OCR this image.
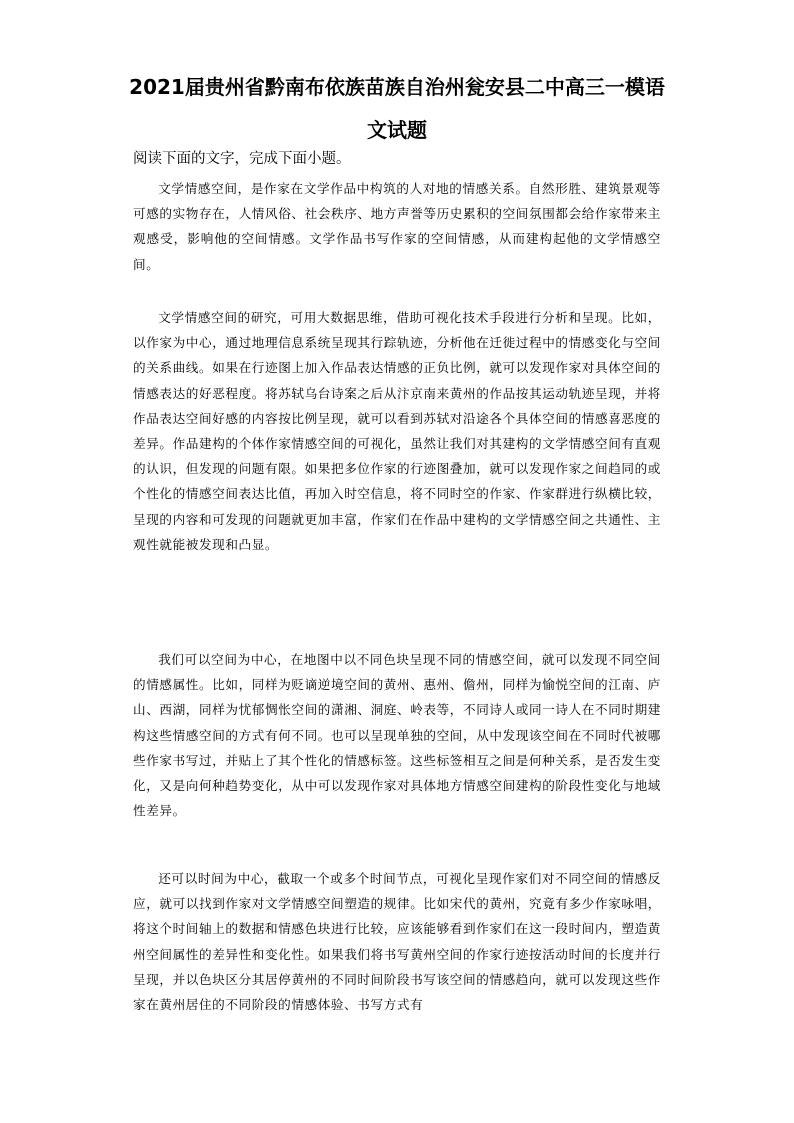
2021届贵州省黔南布依族苗族自治州瓮安县二中高三一模语文试题

阅读下面的文字，完成下面小题。

文学情感空间，是作家在文学作品中构筑的人对地的情感关系。自然形胜、建筑景观等可感的实物存在，人情风俗、社会秩序、地方声誉等历史累积的空间氛围都会给作家带来主观感受，影响他的空间情感。文学作品书写作家的空间情感，从而建构起他的文学情感空间。

文学情感空间的研究，可用大数据思维，借助可视化技术手段进行分析和呈现。比如，以作家为中心，通过地理信息系统呈现其行踪轨迹，分析他在迁徙过程中的情感变化与空间的关系曲线。如果在行迹图上加入作品表达情感的正负比例，就可以发现作家对具体空间的情感表达的好恶程度。将苏轼乌台诗案之后从汴京南来黄州的作品按其运动轨迹呈现，并将作品表达空间好感的内容按比例呈现，就可以看到苏轼对沿途各个具体空间的情感喜恶度的差异。作品建构的个体作家情感空间的可视化，虽然让我们对其建构的文学情感空间有直观的认识，但发现的问题有限。如果把多位作家的行迹图叠加，就可以发现作家之间趋同的或个性化的情感空间表达比值，再加入时空信息，将不同时空的作家、作家群进行纵横比较，呈现的内容和可发现的问题就更加丰富，作家们在作品中建构的文学情感空间之共通性、主观性就能被发现和凸显。

我们可以空间为中心，在地图中以不同色块呈现不同的情感空间，就可以发现不同空间的情感属性。比如，同样为贬谪逆境空间的黄州、惠州、儋州，同样为愉悦空间的江南、庐山、西湖，同样为忧郁惆怅空间的潇湘、洞庭、岭表等，不同诗人或同一诗人在不同时期建构这些情感空间的方式有何不同。也可以呈现单独的空间，从中发现该空间在不同时代被哪些作家书写过，并贴上了其个性化的情感标签。这些标签相互之间是何种关系，是否发生变化，又是向何种趋势变化，从中可以发现作家对具体地方情感空间建构的阶段性变化与地域性差异。

还可以时间为中心，截取一个或多个时间节点，可视化呈现作家们对不同空间的情感反应，就可以找到作家对文学情感空间塑造的规律。比如宋代的黄州，究竟有多少作家咏唱，将这个时间轴上的数据和情感色块进行比较，应该能够看到作家们在这一段时间内，塑造黄州空间属性的差异性和变化性。如果我们将书写黄州空间的作家行迹按活动时间的长度并行呈现，并以色块区分其居停黄州的不同时间阶段书写该空间的情感趋向，就可以发现这些作家在黄州居住的不同阶段的情感体验、书写方式有
